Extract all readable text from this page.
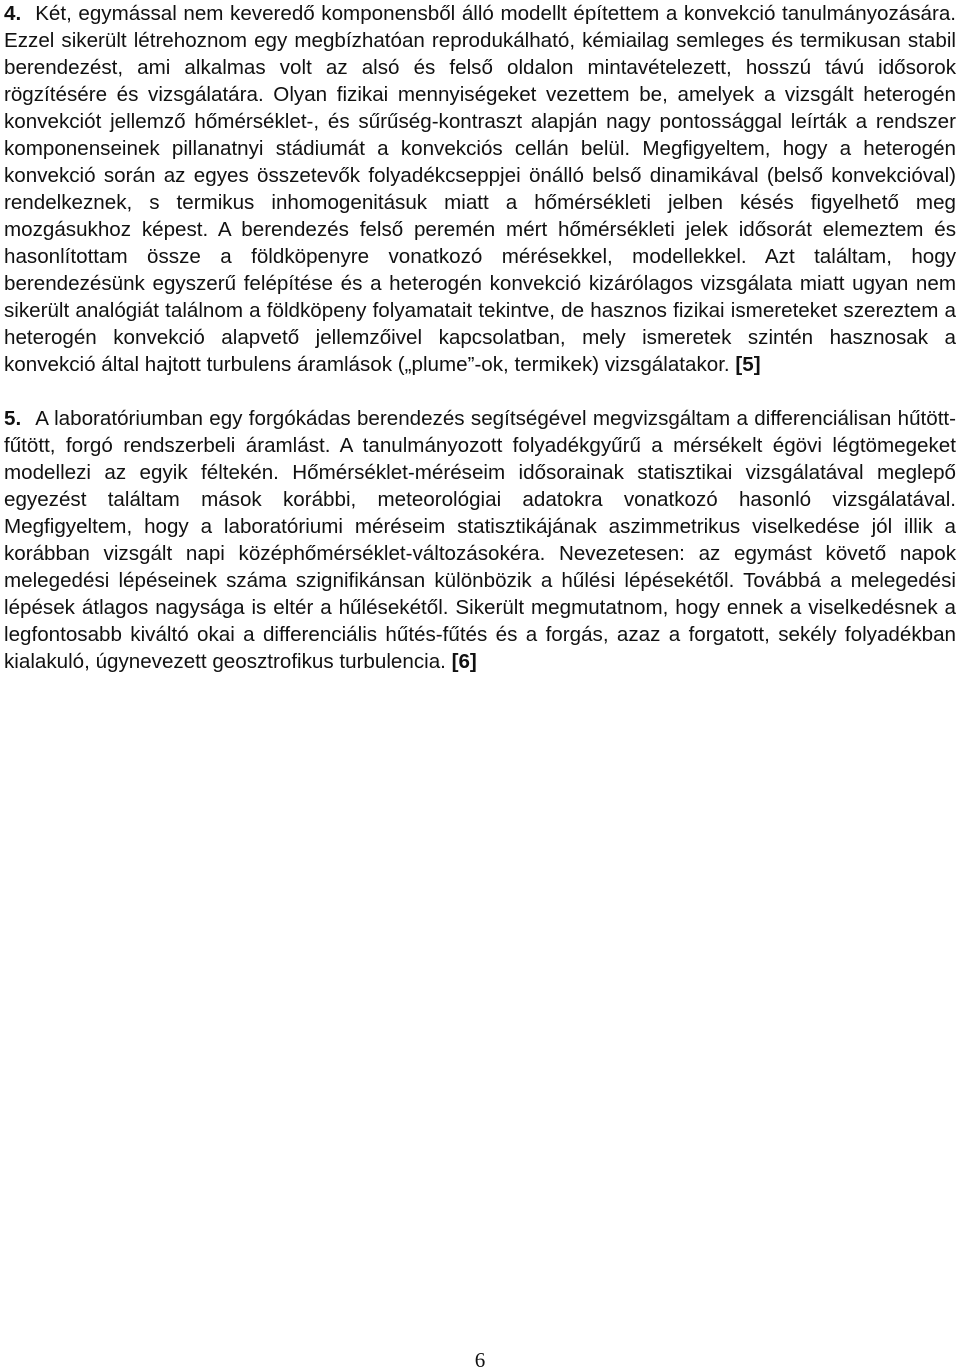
4. Két, egymással nem keveredő komponensből álló modellt építettem a konvekció tanulmányozására. Ezzel sikerült létrehoznom egy megbízhatóan reprodukálható, kémiailag semleges és termikusan stabil berendezést, ami alkalmas volt az alsó és felső oldalon mintavételezett, hosszú távú idősorok rögzítésére és vizsgálatára. Olyan fizikai mennyiségeket vezettem be, amelyek a vizsgált heterogén konvekciót jellemző hőmérséklet-, és sűrűség-kontraszt alapján nagy pontossággal leírták a rendszer komponenseinek pillanatnyi stádiumát a konvekciós cellán belül. Megfigyeltem, hogy a heterogén konvekció során az egyes összetevők folyadékcseppjei önálló belső dinamikával (belső konvekcióval) rendelkeznek, s termikus inhomogenitásuk miatt a hőmérsékleti jelben késés figyelhető meg mozgásukhoz képest. A berendezés felső peremén mért hőmérsékleti jelek idősorát elemeztem és hasonlítottam össze a földköpenyre vonatkozó mérésekkel, modellekkel. Azt találtam, hogy berendezésünk egyszerű felépítése és a heterogén konvekció kizárólagos vizsgálata miatt ugyan nem sikerült analógiát találnom a földköpeny folyamatait tekintve, de hasznos fizikai ismereteket szereztem a heterogén konvekció alapvető jellemzőivel kapcsolatban, mely ismeretek szintén hasznosak a konvekció által hajtott turbulens áramlások („plume”-ok, termikek) vizsgálatakor. [5]

5. A laboratóriumban egy forgókádas berendezés segítségével megvizsgáltam a differenciálisan hűtött-fűtött, forgó rendszerbeli áramlást. A tanulmányozott folyadékgyűrű a mérsékelt égövi légtömegeket modellezi az egyik féltekén. Hőmérséklet-méréseim idősorainak statisztikai vizsgálatával meglepő egyezést találtam mások korábbi, meteorológiai adatokra vonatkozó hasonló vizsgálatával. Megfigyeltem, hogy a laboratóriumi méréseim statisztikájának aszimmetrikus viselkedése jól illik a korábban vizsgált napi középhőmérséklet-változásokéra. Nevezetesen: az egymást követő napok melegedési lépéseinek száma szignifikánsan különbözik a hűlési lépésekétől. Továbbá a melegedési lépések átlagos nagysága is eltér a hűlésekétől. Sikerült megmutatnom, hogy ennek a viselkedésnek a legfontosabb kiváltó okai a differenciális hűtés-fűtés és a forgás, azaz a forgatott, sekély folyadékban kialakuló, úgynevezett geosztrofikus turbulencia. [6]

6
